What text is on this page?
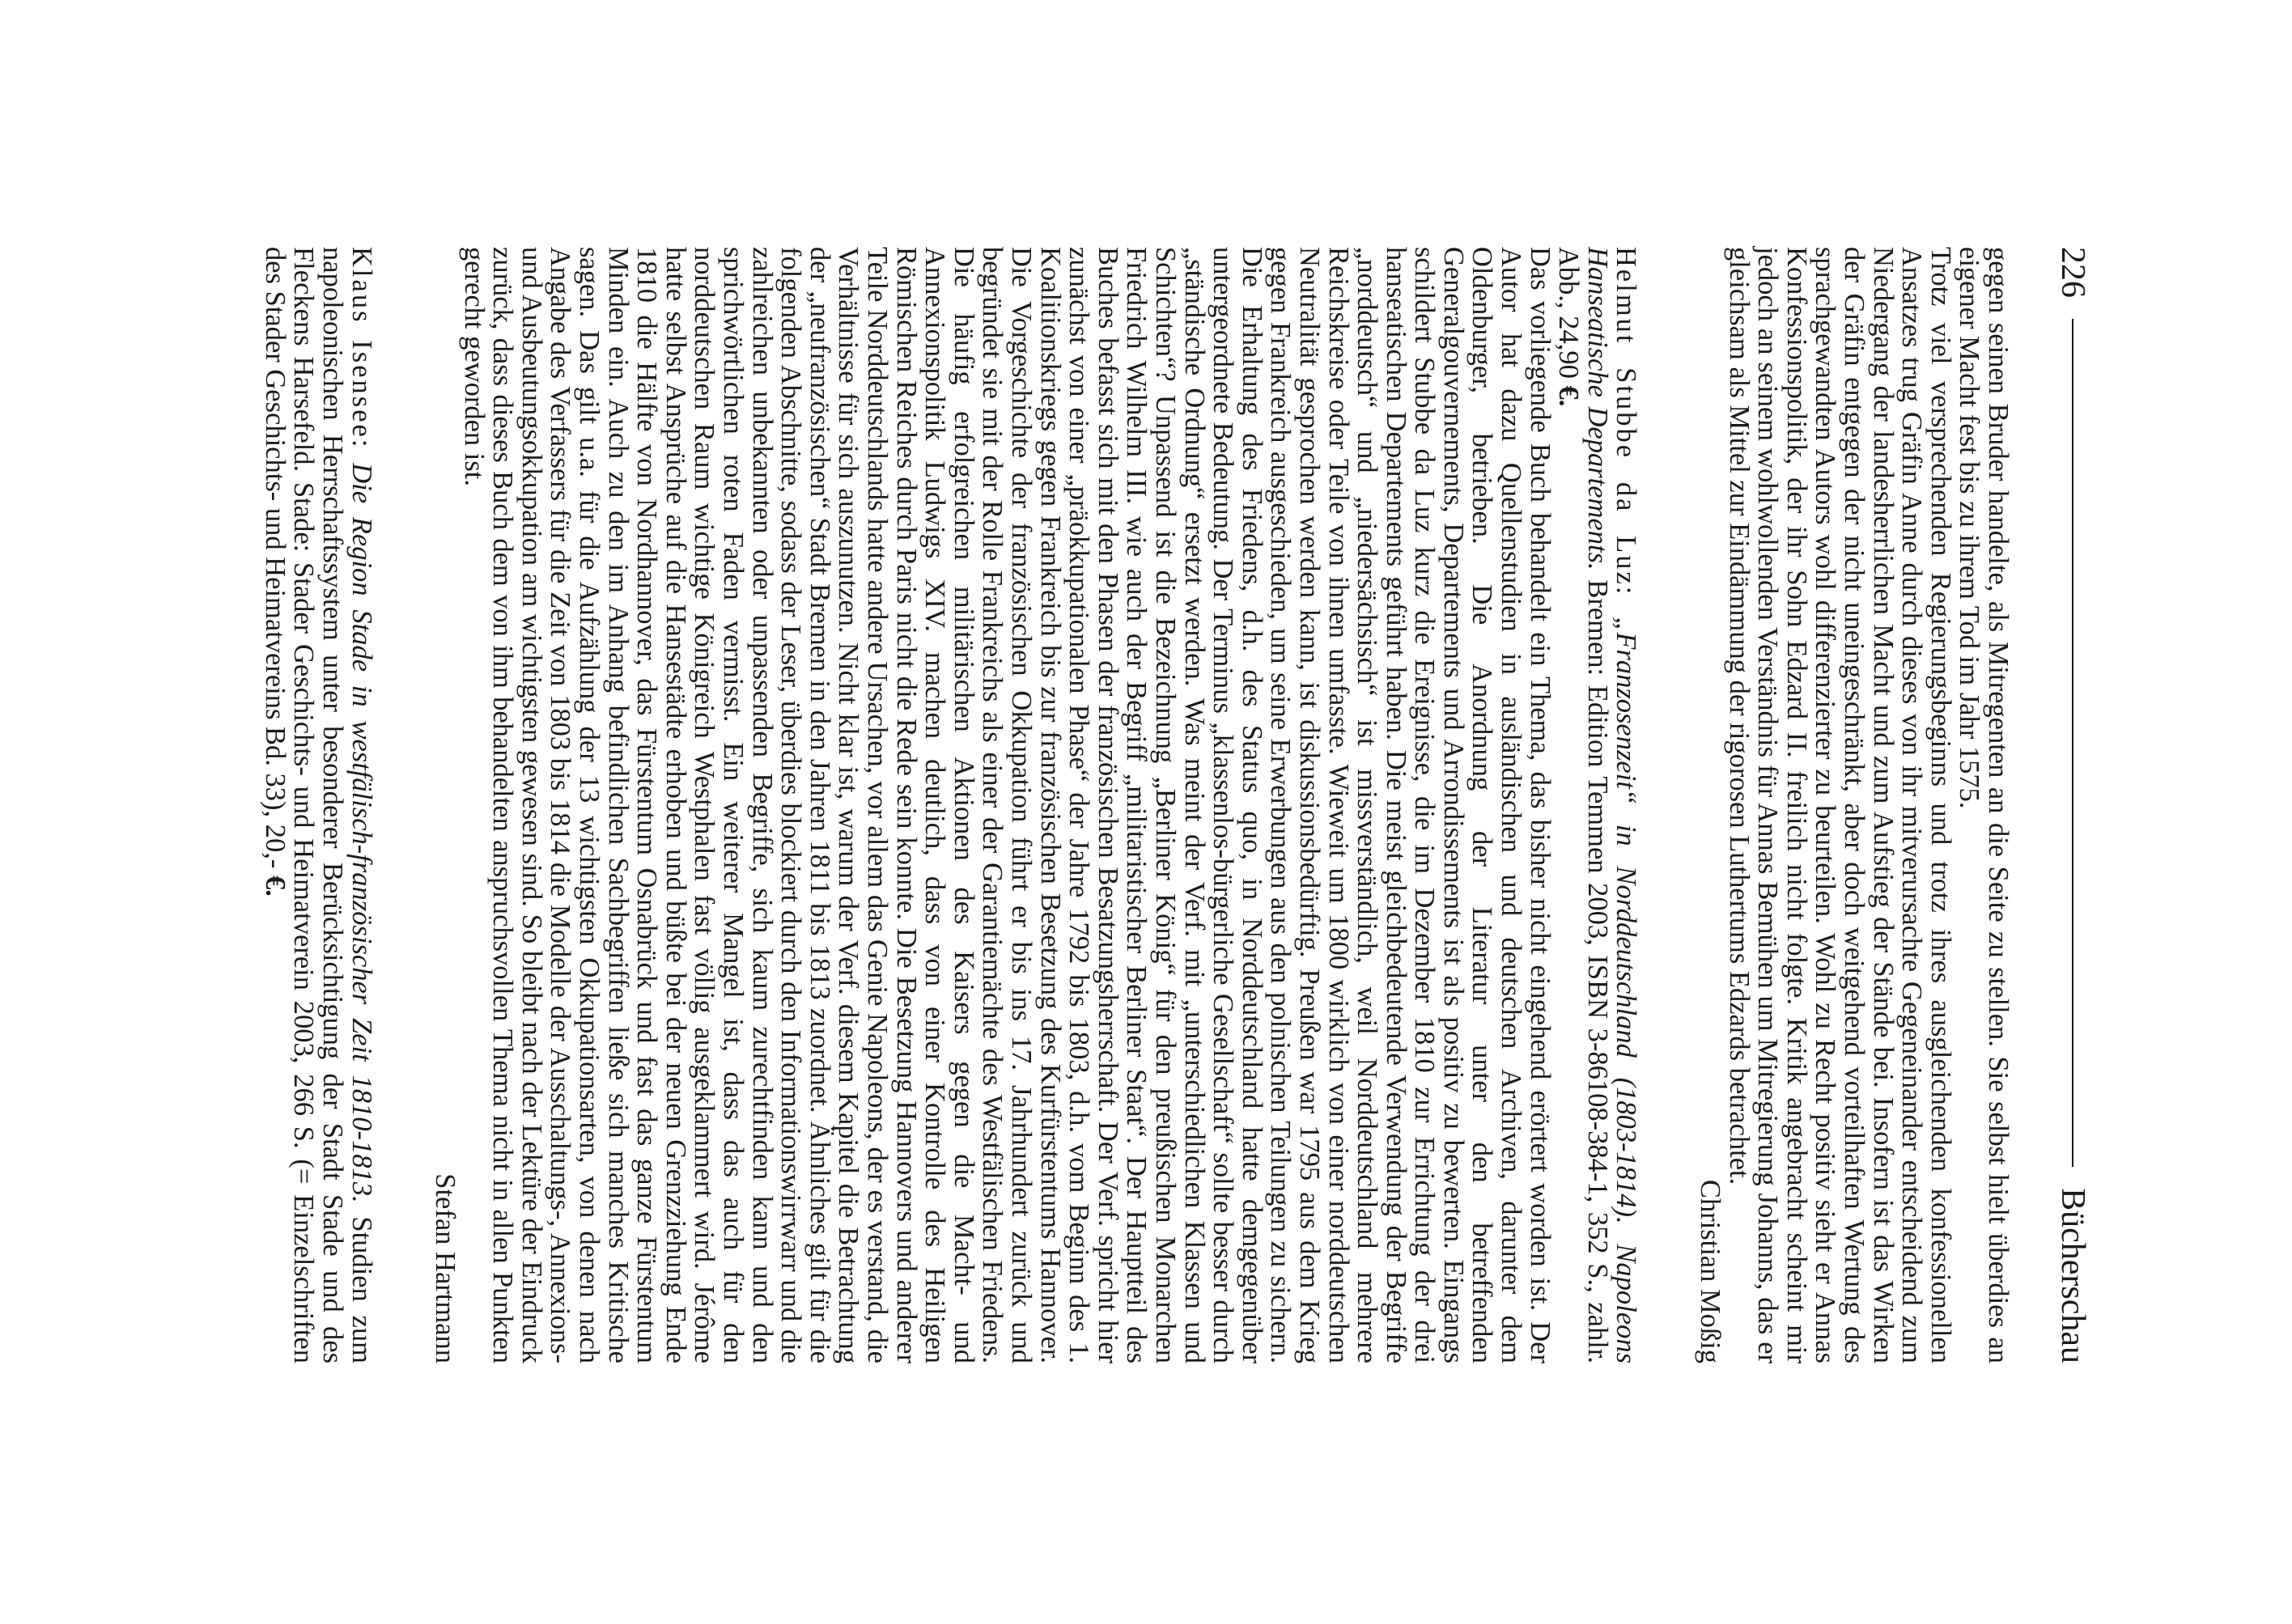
226
Bücherschau

gegen seinen Bruder handelte, als Mitregenten an die Seite zu stellen. Sie selbst hielt überdies an eigener Macht fest bis zu ihrem Tod im Jahr 1575.

Trotz viel versprechenden Regierungsbeginns und trotz ihres ausgleichenden konfessionellen Ansatzes trug Gräfin Anne durch dieses von ihr mitverursachte Gegeneinander entscheidend zum Niedergang der landesherrlichen Macht und zum Aufstieg der Stände bei. Insofern ist das Wirken der Gräfin entgegen der nicht uneingeschränkt, aber doch weitgehend vorteilhaften Wertung des sprachgewandten Autors wohl differenzierter zu beurteilen. Wohl zu Recht positiv sieht er Annas Konfessionspolitik, der ihr Sohn Edzard II. freilich nicht folgte. Kritik angebracht scheint mir jedoch an seinem wohlwollenden Verständnis für Annas Bemühen um Mitregierung Johanns, das er gleichsam als Mittel zur Eindämmung der rigorosen Luthertums Edzards betrachtet.

Christian Moßig

Helmut Stubbe da Luz: „Franzosenzeit“ in Norddeutschland (1803-1814). Napoleons Hanseatische Departements. Bremen: Edition Temmen 2003, ISBN 3-86108-384-1, 352 S., zahlr. Abb., 24,90 €.

Das vorliegende Buch behandelt ein Thema, das bisher nicht eingehend erörtert worden ist. Der Autor hat dazu Quellenstudien in ausländischen und deutschen Archiven, darunter dem Oldenburger, betrieben. Die Anordnung der Literatur unter den betreffenden Generalgouvernements, Departements und Arrondissements ist als positiv zu bewerten. Eingangs schildert Stubbe da Luz kurz die Ereignisse, die im Dezember 1810 zur Errichtung der drei hanseatischen Departements geführt haben. Die meist gleichbedeutende Verwendung der Begriffe „norddeutsch“ und „niedersächsisch“ ist missverständlich, weil Norddeutschland mehrere Reichskreise oder Teile von ihnen umfasste. Wieweit um 1800 wirklich von einer norddeutschen Neutralität gesprochen werden kann, ist diskussionsbedürftig. Preußen war 1795 aus dem Krieg gegen Frankreich ausgeschieden, um seine Erwerbungen aus den polnischen Teilungen zu sichern. Die Erhaltung des Friedens, d.h. des Status quo, in Norddeutschland hatte demgegenüber untergeordnete Bedeutung. Der Terminus „klassenlos-bürgerliche Gesellschaft“ sollte besser durch „ständische Ordnung“ ersetzt werden. Was meint der Verf. mit „unterschiedlichen Klassen und Schichten“? Unpassend ist die Bezeichnung „Berliner König“ für den preußischen Monarchen Friedrich Wilhelm III. wie auch der Begriff „militaristischer Berliner Staat“. Der Hauptteil des Buches befasst sich mit den Phasen der französischen Besatzungsherrschaft. Der Verf. spricht hier zunächst von einer „präokkupationalen Phase“ der Jahre 1792 bis 1803, d.h. vom Beginn des 1. Koalitionskriegs gegen Frankreich bis zur französischen Besetzung des Kurfürstentums Hannover. Die Vorgeschichte der französischen Okkupation führt er bis ins 17. Jahrhundert zurück und begründet sie mit der Rolle Frankreichs als einer der Garantiemächte des Westfälischen Friedens. Die häufig erfolgreichen militärischen Aktionen des Kaisers gegen die Macht- und Annexionspolitik Ludwigs XIV. machen deutlich, dass von einer Kontrolle des Heiligen Römischen Reiches durch Paris nicht die Rede sein konnte. Die Besetzung Hannovers und anderer Teile Norddeutschlands hatte andere Ursachen, vor allem das Genie Napoleons, der es verstand, die Verhältnisse für sich auszunutzen. Nicht klar ist, warum der Verf. diesem Kapitel die Betrachtung der „neufranzösischen“ Stadt Bremen in den Jahren 1811 bis 1813 zuordnet. Ähnliches gilt für die folgenden Abschnitte, sodass der Leser, überdies blockiert durch den Informationswirrwarr und die zahlreichen unbekannten oder unpassenden Begriffe, sich kaum zurechtfinden kann und den sprichwörtlichen roten Faden vermisst. Ein weiterer Mangel ist, dass das auch für den norddeutschen Raum wichtige Königreich Westphalen fast völlig ausgeklammert wird. Jérôme hatte selbst Ansprüche auf die Hansestädte erhoben und büßte bei der neuen Grenzziehung Ende 1810 die Hälfte von Nordhannover, das Fürstentum Osnabrück und fast das ganze Fürstentum Minden ein. Auch zu den im Anhang befindlichen Sachbegriffen ließe sich manches Kritische sagen. Das gilt u.a. für die Aufzählung der 13 wichtigsten Okkupationsarten, von denen nach Angabe des Verfassers für die Zeit von 1803 bis 1814 die Modelle der Ausschaltungs-, Annexions- und Ausbeutungsokkupation am wichtigsten gewesen sind. So bleibt nach der Lektüre der Eindruck zurück, dass dieses Buch dem von ihm behandelten anspruchsvollen Thema nicht in allen Punkten gerecht geworden ist.

Stefan Hartmann

Klaus Isensee: Die Region Stade in westfälisch-französischer Zeit 1810-1813. Studien zum napoleonischen Herrschaftssystem unter besonderer Berücksichtigung der Stadt Stade und des Fleckens Harsefeld. Stade: Stader Geschichts- und Heimatverein 2003, 266 S. (= Einzelschriften des Stader Geschichts- und Heimatvereins Bd. 33), 20,- €.
